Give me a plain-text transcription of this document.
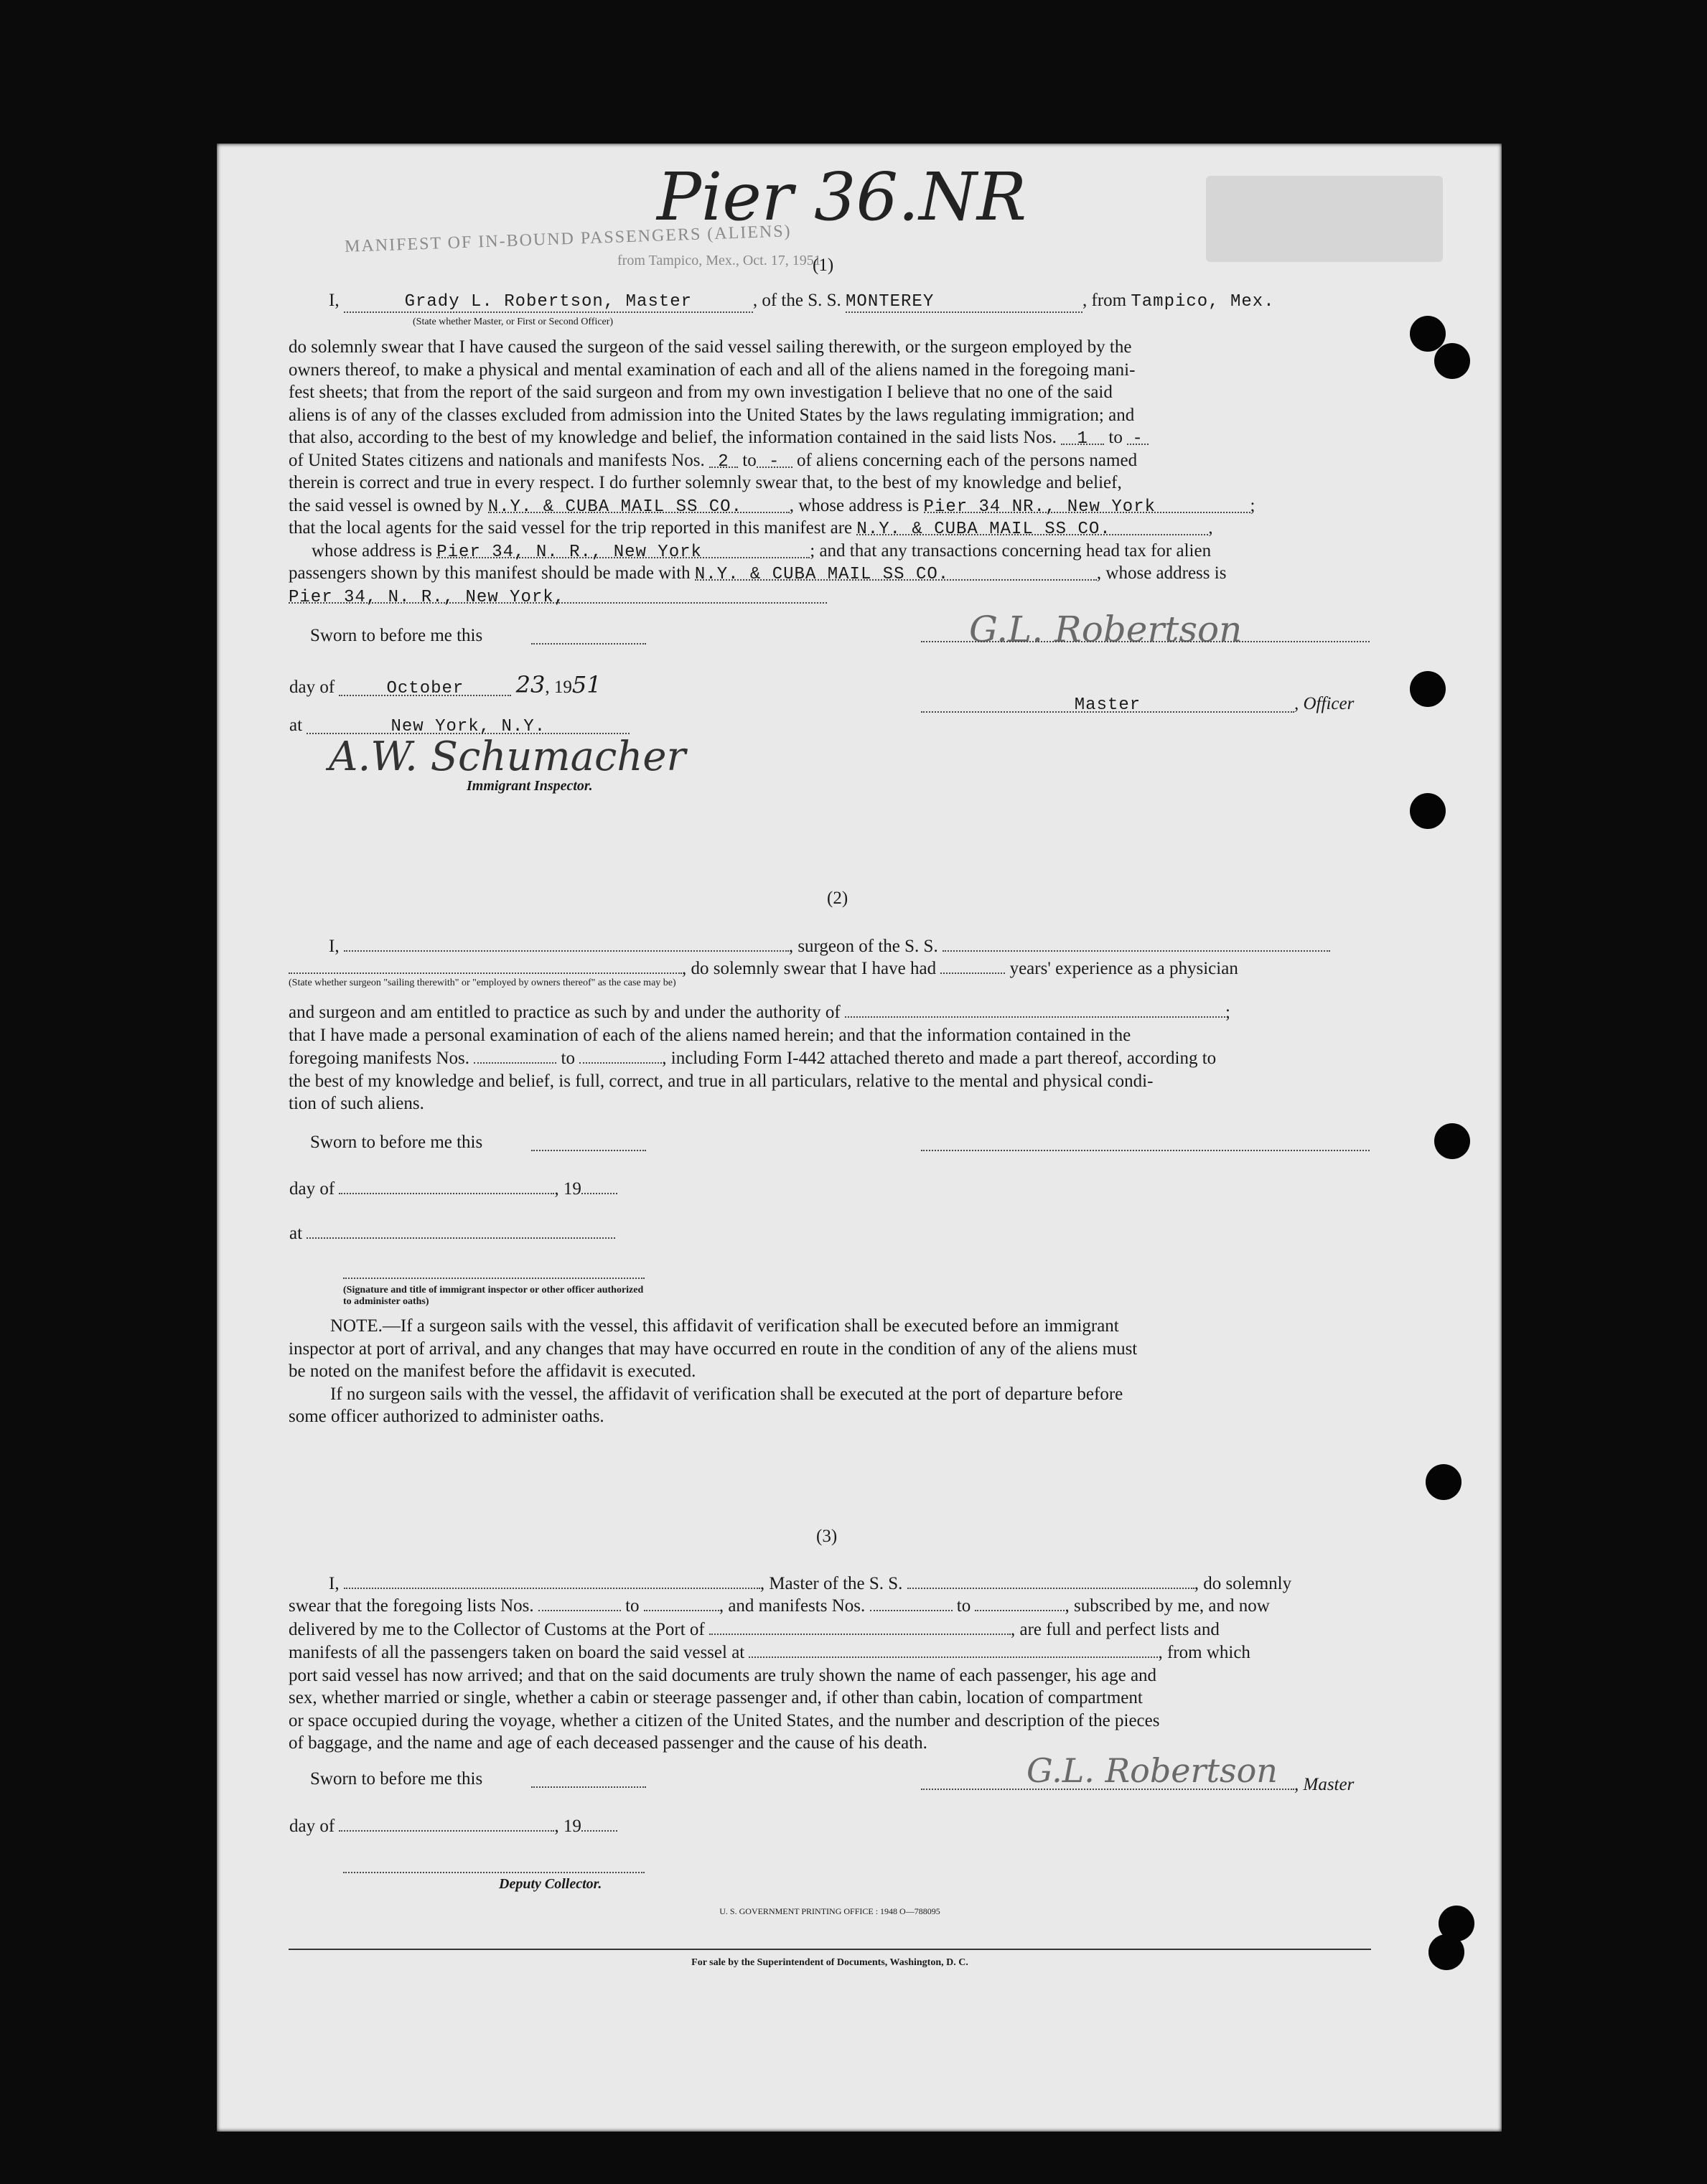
Pier 36.NR
MANIFEST OF IN-BOUND PASSENGERS (ALIENS)
from Tampico, Mex., Oct. 17, 1951
(1)
I,	Grady L. Robertson, Master	, of the S. S. MONTEREY	, from Tampico, Mex.
(State whether Master, or First or Second Officer)

do solemnly swear that I have caused the surgeon of the said vessel sailing therewith, or the surgeon employed by the

owners thereof, to make a physical and mental examination of each and all of the aliens named in the foregoing mani-

fest sheets; that from the report of the said surgeon and from my own investigation I believe that no one of the said

aliens is of any of the classes excluded from admission into the United States by the laws regulating immigration; and

that also, according to the best of my knowledge and belief, the information contained in the said lists Nos. 1 to -

of United States citizens and nationals and manifests Nos. 2 to - of aliens concerning each of the persons named

therein is correct and true in every respect. I do further solemnly swear that, to the best of my knowledge and belief,

the said vessel is owned by N.Y. & CUBA MAIL SS CO.	, whose address is Pier 34 NR., New York	;

that the local agents for the said vessel for the trip reported in this manifest are N.Y. & CUBA MAIL SS CO.	,

whose address is Pier 34, N. R., New York	; and that any transactions concerning head tax for alien

passengers shown by this manifest should be made with N.Y. & CUBA MAIL SS CO.	, whose address is

Pier 34, N. R., New York,

Sworn to before me this
day of	October 23, 1951
at	New York, N.Y.
A.W. Schumacher
Immigrant Inspector.
G.L. Robertson
Master	, Officer
(2)
I,	, surgeon of the S. S.
, do solemnly swear that I have had	years' experience as a physician
(State whether surgeon "sailing therewith" or "employed by owners thereof" as the case may be)

and surgeon and am entitled to practice as such by and under the authority of	;

that I have made a personal examination of each of the aliens named herein; and that the information contained in the

foregoing manifests Nos.	to	, including Form I-442 attached thereto and made a part thereof, according to

the best of my knowledge and belief, is full, correct, and true in all particulars, relative to the mental and physical condi-

tion of such aliens.

Sworn to before me this
day of	, 19
at
(Signature and title of immigrant inspector or other officer authorized to administer oaths)

NOTE.—If a surgeon sails with the vessel, this affidavit of verification shall be executed before an immigrant

inspector at port of arrival, and any changes that may have occurred en route in the condition of any of the aliens must

be noted on the manifest before the affidavit is executed.

If no surgeon sails with the vessel, the affidavit of verification shall be executed at the port of departure before

some officer authorized to administer oaths.

(3)
I,	, Master of the S. S.	, do solemnly

swear that the foregoing lists Nos.	to	, and manifests Nos.	to	, subscribed by me, and now

delivered by me to the Collector of Customs at the Port of	, are full and perfect lists and

manifests of all the passengers taken on board the said vessel at	, from which

port said vessel has now arrived; and that on the said documents are truly shown the name of each passenger, his age and

sex, whether married or single, whether a cabin or steerage passenger and, if other than cabin, location of compartment

or space occupied during the voyage, whether a citizen of the United States, and the number and description of the pieces

of baggage, and the name and age of each deceased passenger and the cause of his death.

Sworn to before me this	G.L. Robertson , Master
day of	, 19
Deputy Collector.
U. S. GOVERNMENT PRINTING OFFICE : 1948 O—788095
For sale by the Superintendent of Documents, Washington, D. C.
